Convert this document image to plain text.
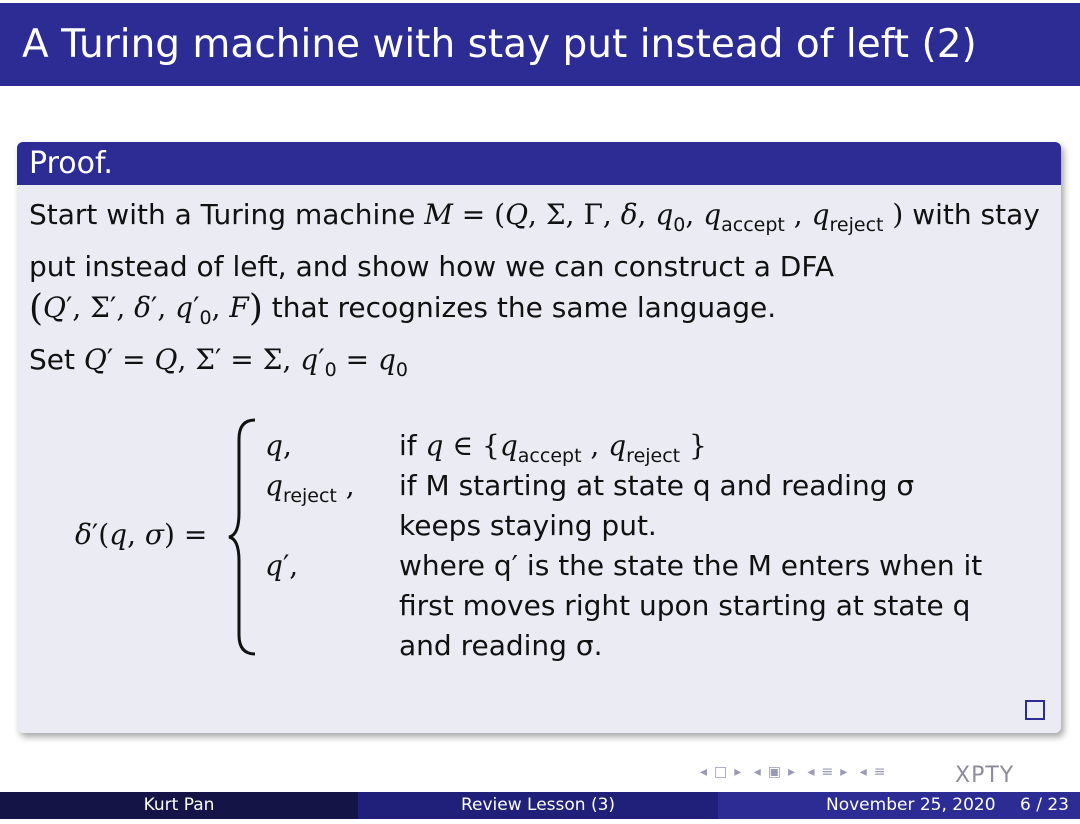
A Turing machine with stay put instead of left (2)
Proof.

Start with a Turing machine M = (Q, Σ, Γ, δ, $q_0$, $q_{accept}$ , $q_{reject}$ ) with stay

put instead of left, and show how we can construct a DFA

(Q′, Σ′, δ′, $q'_0$, F) that recognizes the same language.

Set Q′ = Q, Σ′ = Σ, $q'_0 = q_0$

δ′(q, σ) =
q,	if q ∈ {$q_{accept}$ , $q_{reject}$ }
$q_{reject}$ , if M starting at state q and reading σ
keeps staying put.
q′,	where q′ is the state the M enters when it
first moves right upon starting at state q
and reading σ.
◂ □ ▸ ◂ ▣ ▸ ◂ ≡ ▸ ◂ ≡	XPTY
Kurt Pan	Review Lesson (3)	November 25, 2020 6 / 23
